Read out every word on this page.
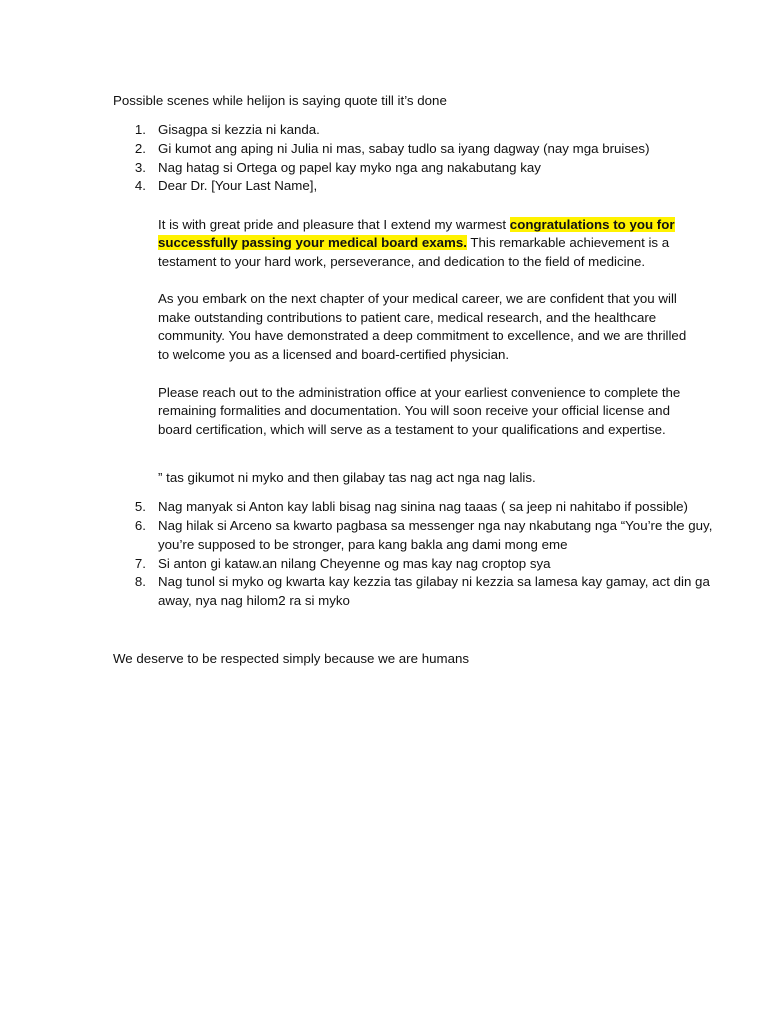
Possible scenes while helijon is saying quote till it’s done
1. Gisagpa si kezzia ni kanda.
2. Gi kumot ang aping ni Julia ni mas, sabay tudlo sa iyang dagway (nay mga bruises)
3. Nag hatag si Ortega og papel kay myko nga ang nakabutang kay
4. Dear Dr. [Your Last Name],
It is with great pride and pleasure that I extend my warmest congratulations to you for
successfully passing your medical board exams. This remarkable achievement is a
testament to your hard work, perseverance, and dedication to the field of medicine.
As you embark on the next chapter of your medical career, we are confident that you will
make outstanding contributions to patient care, medical research, and the healthcare
community. You have demonstrated a deep commitment to excellence, and we are thrilled
to welcome you as a licensed and board-certified physician.
Please reach out to the administration office at your earliest convenience to complete the
remaining formalities and documentation. You will soon receive your official license and
board certification, which will serve as a testament to your qualifications and expertise.
” tas gikumot ni myko and then gilabay tas nag act nga nag lalis.
5. Nag manyak si Anton kay labli bisag nag sinina nag taaas ( sa jeep ni nahitabo if possible)
6. Nag hilak si Arceno sa kwarto pagbasa sa messenger nga nay nkabutang nga “You’re the guy,
you’re supposed to be stronger, para kang bakla ang dami mong eme
7. Si anton gi kataw.an nilang Cheyenne og mas kay nag croptop sya
8. Nag tunol si myko og kwarta kay kezzia tas gilabay ni kezzia sa lamesa kay gamay, act din ga
away, nya nag hilom2 ra si myko
We deserve to be respected simply because we are humans
